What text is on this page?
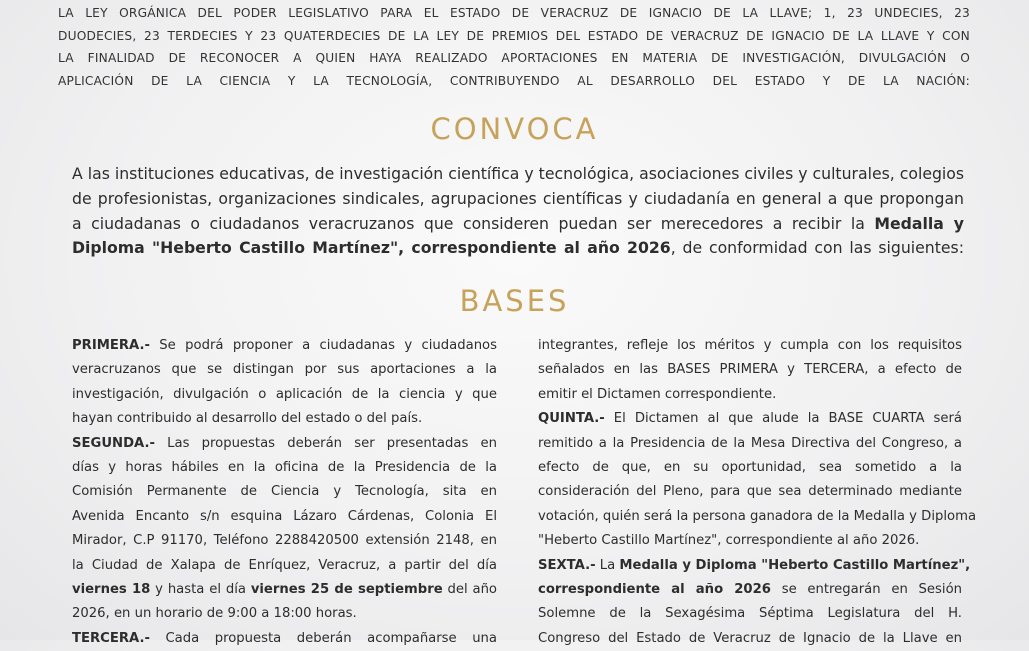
LA LEY ORGÁNICA DEL PODER LEGISLATIVO PARA EL ESTADO DE VERACRUZ DE IGNACIO DE LA LLAVE; 1, 23 UNDECIES, 23
DUODECIES, 23 TERDECIES Y 23 QUATERDECIES DE LA LEY DE PREMIOS DEL ESTADO DE VERACRUZ DE IGNACIO DE LA LLAVE Y CON
LA FINALIDAD DE RECONOCER A QUIEN HAYA REALIZADO APORTACIONES EN MATERIA DE INVESTIGACIÓN, DIVULGACIÓN O
APLICACIÓN DE LA CIENCIA Y LA TECNOLOGÍA, CONTRIBUYENDO AL DESARROLLO DEL ESTADO Y DE LA NACIÓN:
CONVOCA
A las instituciones educativas, de investigación científica y tecnológica, asociaciones civiles y culturales, colegios
de profesionistas, organizaciones sindicales, agrupaciones científicas y ciudadanía en general a que propongan
a ciudadanas o ciudadanos veracruzanos que consideren puedan ser merecedores a recibir la Medalla y
Diploma "Heberto Castillo Martínez", correspondiente al año 2026, de conformidad con las siguientes:
BASES
PRIMERA.- Se podrá proponer a ciudadanas y ciudadanos
veracruzanos que se distingan por sus aportaciones a la
investigación, divulgación o aplicación de la ciencia y que
hayan contribuido al desarrollo del estado o del país.
SEGUNDA.- Las propuestas deberán ser presentadas en
días y horas hábiles en la oficina de la Presidencia de la
Comisión Permanente de Ciencia y Tecnología, sita en
Avenida Encanto s/n esquina Lázaro Cárdenas, Colonia El
Mirador, C.P 91170, Teléfono 2288420500 extensión 2148, en
la Ciudad de Xalapa de Enríquez, Veracruz, a partir del día
viernes 18 y hasta el día viernes 25 de septiembre del año
2026, en un horario de 9:00 a 18:00 horas.
TERCERA.- Cada propuesta deberán acompañarse una
integrantes, refleje los méritos y cumpla con los requisitos
señalados en las BASES PRIMERA y TERCERA, a efecto de
emitir el Dictamen correspondiente.
QUINTA.- El Dictamen al que alude la BASE CUARTA será
remitido a la Presidencia de la Mesa Directiva del Congreso, a
efecto de que, en su oportunidad, sea sometido a la
consideración del Pleno, para que sea determinado mediante
votación, quién será la persona ganadora de la Medalla y Diploma
"Heberto Castillo Martínez", correspondiente al año 2026.
SEXTA.- La Medalla y Diploma "Heberto Castillo Martínez",
correspondiente al año 2026 se entregarán en Sesión
Solemne de la Sexagésima Séptima Legislatura del H.
Congreso del Estado de Veracruz de Ignacio de la Llave en
